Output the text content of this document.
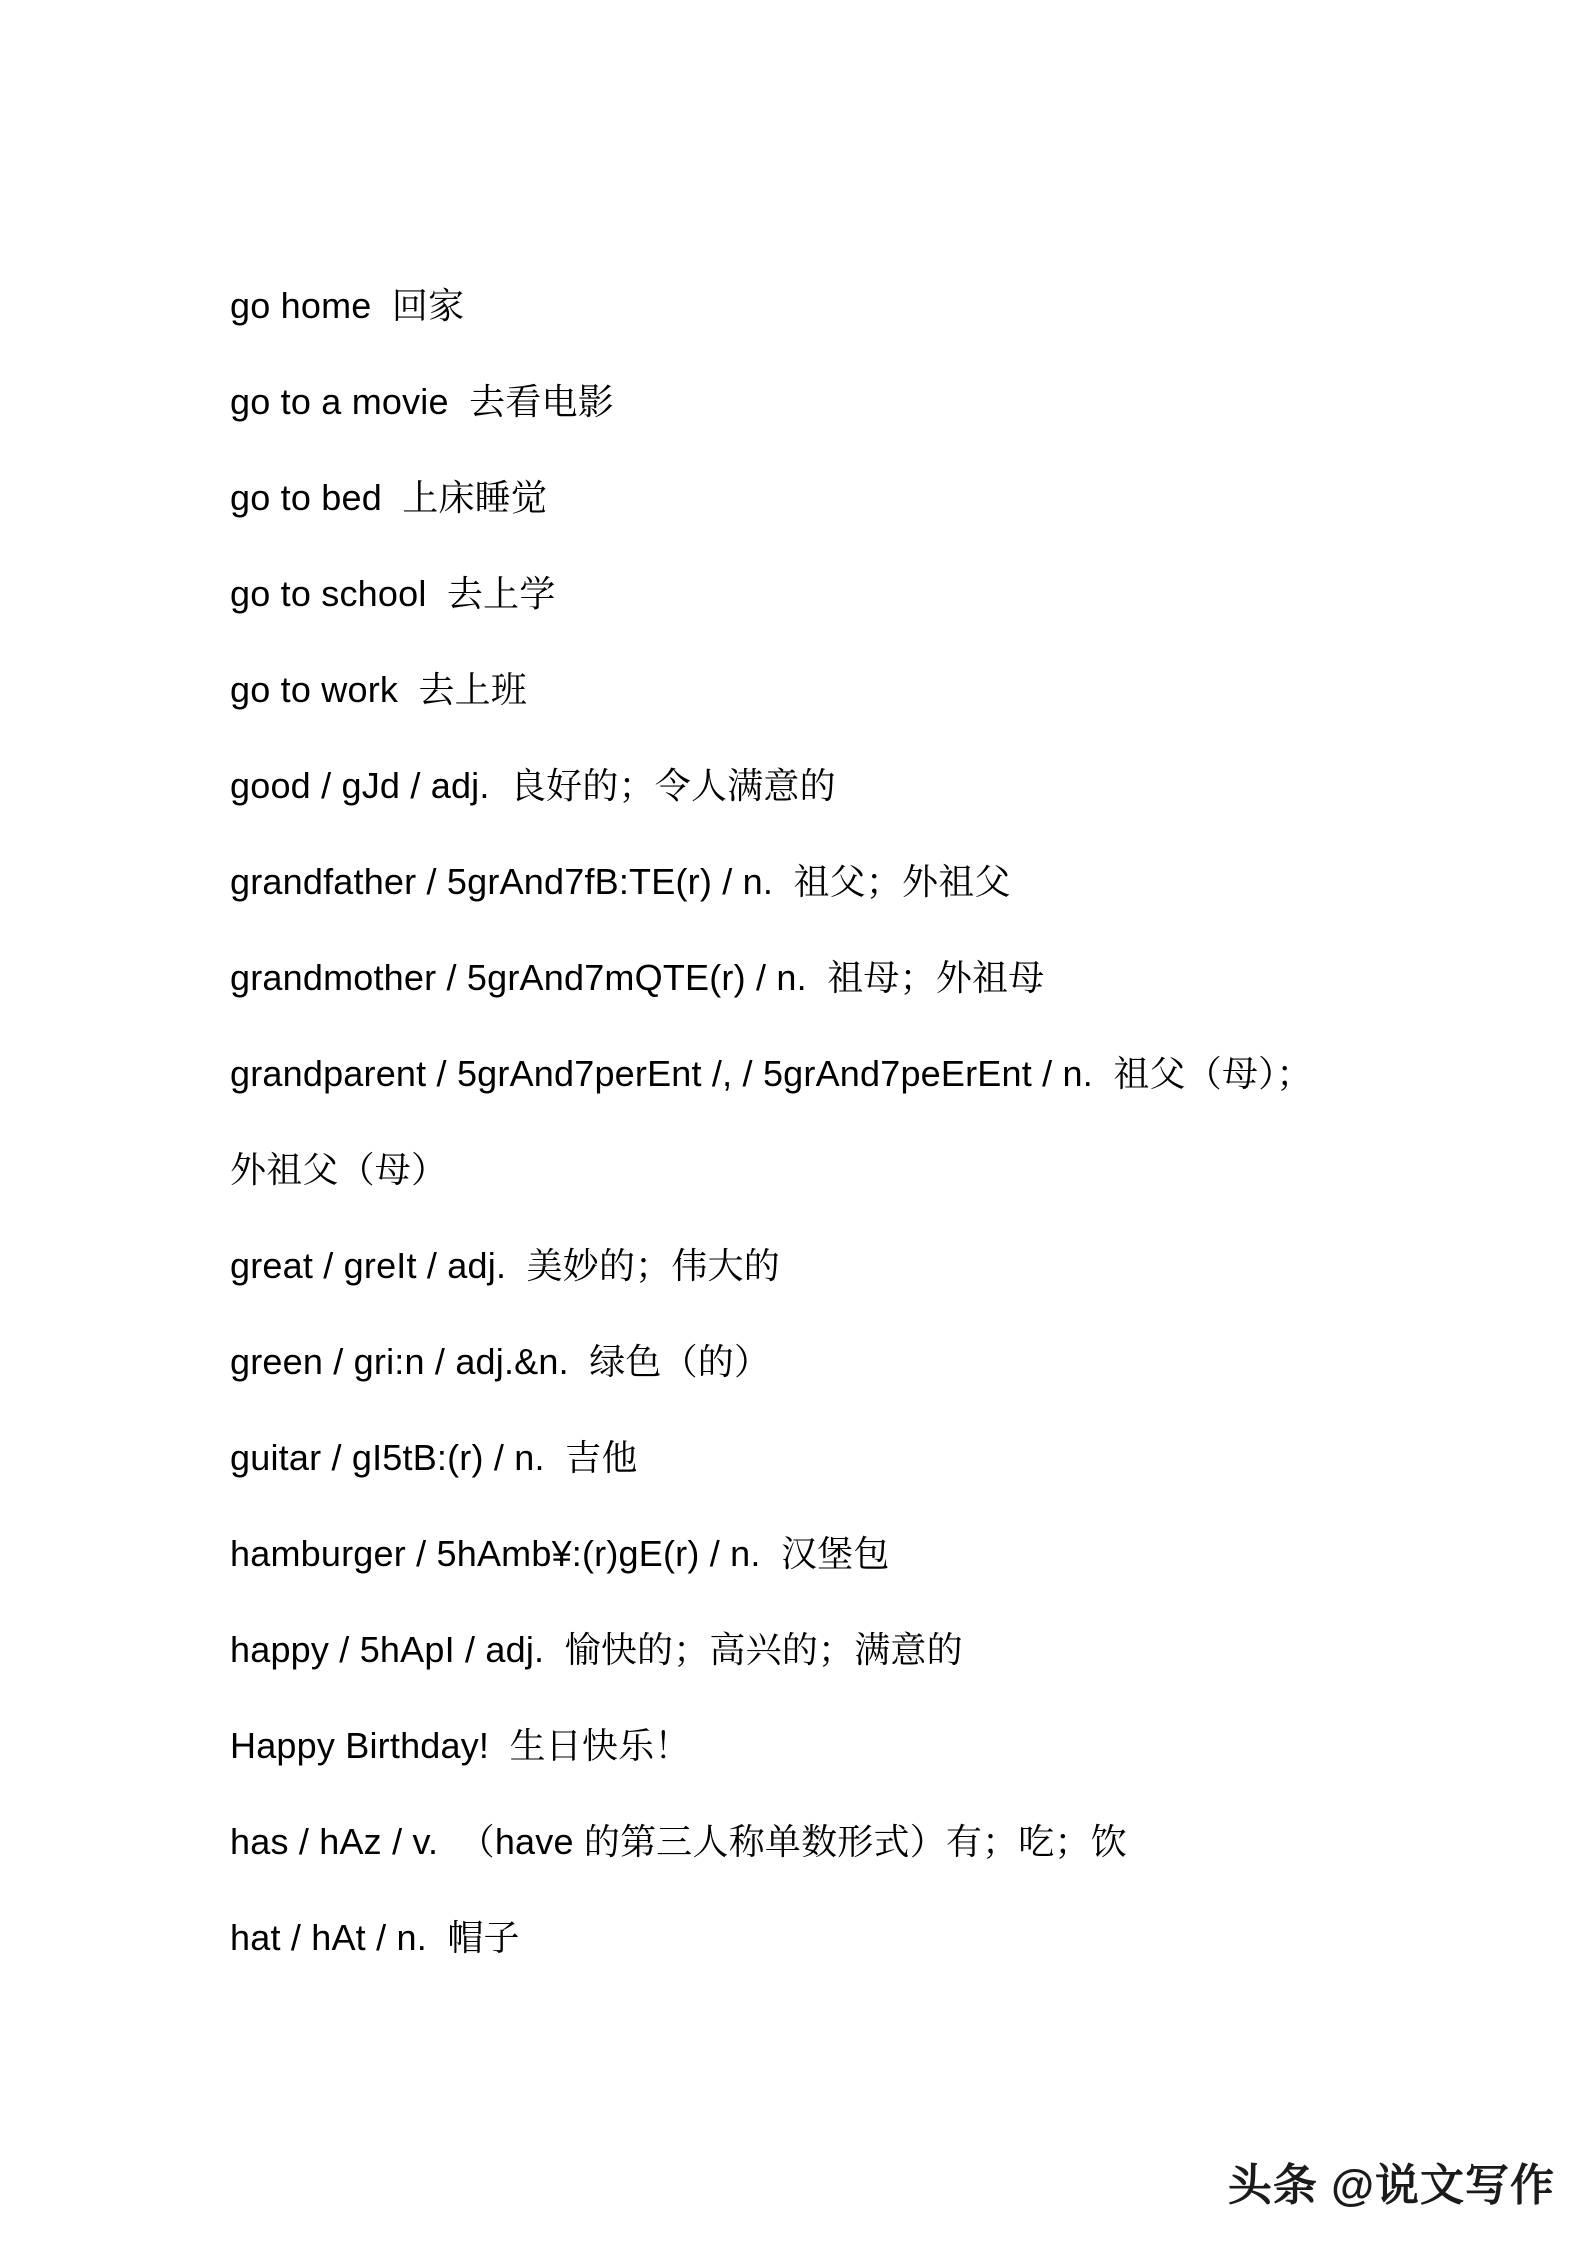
go home  回家

go to a movie  去看电影

go to bed  上床睡觉

go to school  去上学

go to work  去上班

good / gJd / adj.  良好的；令人满意的

grandfather / 5grAnd7fB:TE(r) / n.  祖父；外祖父

grandmother / 5grAnd7mQTE(r) / n.  祖母；外祖母

grandparent / 5grAnd7perEnt /, / 5grAnd7peErEnt / n.  祖父（母）；

外祖父（母）

great / greIt / adj.  美妙的；伟大的

green / gri:n / adj.&n.  绿色（的）

guitar / gI5tB:(r) / n.  吉他

hamburger / 5hAmb¥:(r)gE(r) / n.  汉堡包

happy / 5hApI / adj.  愉快的；高兴的；满意的

Happy Birthday!  生日快乐！

has / hAz / v.  （have 的第三人称单数形式）有；吃；饮

hat / hAt / n.  帽子

头条 @说文写作
